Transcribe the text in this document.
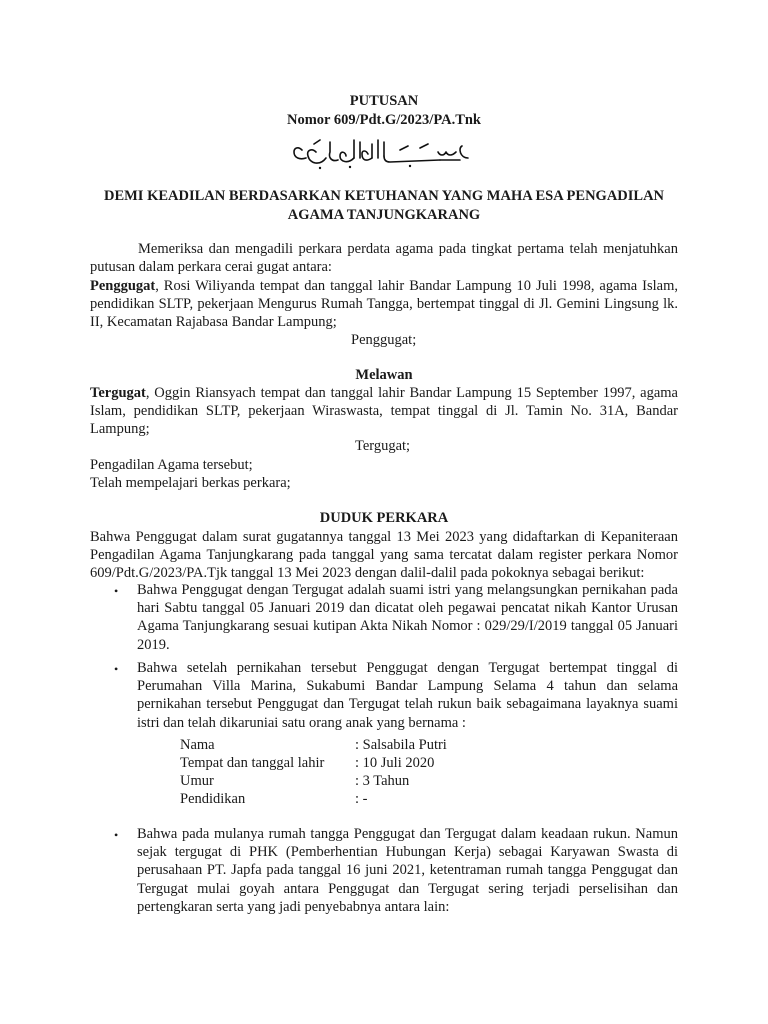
PUTUSAN
Nomor 609/Pdt.G/2023/PA.Tnk
DEMI KEADILAN BERDASARKAN KETUHANAN YANG MAHA ESA PENGADILAN
AGAMA TANJUNGKARANG
Memeriksa dan mengadili perkara perdata agama pada tingkat pertama telah menjatuhkan putusan dalam perkara cerai gugat antara:
Penggugat, Rosi Wiliyanda tempat dan tanggal lahir Bandar Lampung 10 Juli 1998, agama Islam, pendidikan SLTP, pekerjaan Mengurus Rumah Tangga, bertempat tinggal di Jl. Gemini Lingsung lk. II, Kecamatan Rajabasa Bandar Lampung;
Penggugat;
Melawan
Tergugat, Oggin Riansyach tempat dan tanggal lahir Bandar Lampung 15 September 1997, agama Islam, pendidikan SLTP, pekerjaan Wiraswasta, tempat tinggal di Jl. Tamin No. 31A, Bandar Lampung;
Tergugat;
Pengadilan Agama tersebut;
Telah mempelajari berkas perkara;
DUDUK PERKARA
Bahwa Penggugat dalam surat gugatannya tanggal 13 Mei 2023 yang didaftarkan di Kepaniteraan Pengadilan Agama Tanjungkarang pada tanggal yang sama tercatat dalam register perkara Nomor 609/Pdt.G/2023/PA.Tjk tanggal 13 Mei 2023 dengan dalil-dalil pada pokoknya sebagai berikut:
• Bahwa Penggugat dengan Tergugat adalah suami istri yang melangsungkan pernikahan pada hari Sabtu tanggal 05 Januari 2019 dan dicatat oleh pegawai pencatat nikah Kantor Urusan Agama Tanjungkarang sesuai kutipan Akta Nikah Nomor : 029/29/I/2019 tanggal 05 Januari 2019.
• Bahwa setelah pernikahan tersebut Penggugat dengan Tergugat bertempat tinggal di Perumahan Villa Marina, Sukabumi Bandar Lampung Selama 4 tahun dan selama pernikahan tersebut Penggugat dan Tergugat telah rukun baik sebagaimana layaknya suami istri dan telah dikaruniai satu orang anak yang bernama :
Nama	: Salsabila Putri
Tempat dan tanggal lahir : 10 Juli 2020
Umur	: 3 Tahun
Pendidikan	: -
• Bahwa pada mulanya rumah tangga Penggugat dan Tergugat dalam keadaan rukun. Namun sejak tergugat di PHK (Pemberhentian Hubungan Kerja) sebagai Karyawan Swasta di perusahaan PT. Japfa pada tanggal 16 juni 2021, ketentraman rumah tangga Penggugat dan Tergugat mulai goyah antara Penggugat dan Tergugat sering terjadi perselisihan dan pertengkaran serta yang jadi penyebabnya antara lain:
